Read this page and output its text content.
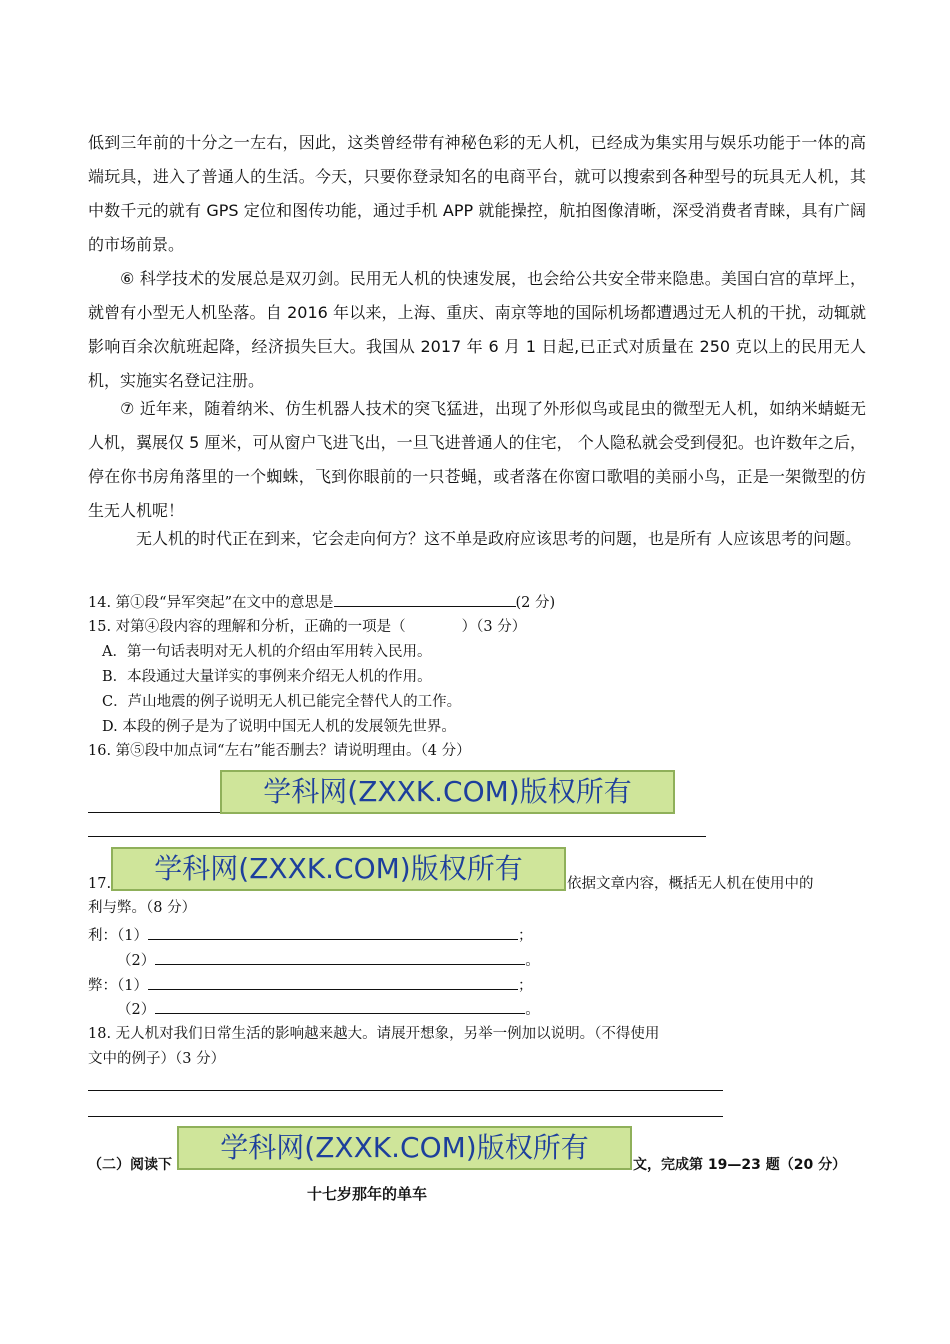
低到三年前的十分之一左右，因此，这类曾经带有神秘色彩的无人机，已经成为集实用与娱乐功能于一体的高端玩具，进入了普通人的生活。今天，只要你登录知名的电商平台，就可以搜索到各种型号的玩具无人机，其中数千元的就有 GPS 定位和图传功能，通过手机 APP 就能操控，航拍图像清晰，深受消费者青睐，具有广阔的市场前景。

⑥ 科学技术的发展总是双刃剑。民用无人机的快速发展，也会给公共安全带来隐患。美国白宫的草坪上，就曾有小型无人机坠落。自 2016 年以来，上海、重庆、南京等地的国际机场都遭遇过无人机的干扰，动辄就影响百余次航班起降，经济损失巨大。我国从 2017 年 6 月 1 日起,已正式对质量在 250 克以上的民用无人机，实施实名登记注册。

⑦ 近年来，随着纳米、仿生机器人技术的突飞猛进，出现了外形似鸟或昆虫的微型无人机，如纳米蜻蜓无人机，翼展仅 5 厘米，可从窗户飞进飞出，一旦飞进普通人的住宅， 个人隐私就会受到侵犯。也许数年之后，停在你书房角落里的一个蜘蛛，飞到你眼前的一只苍蝇，或者落在你窗口歌唱的美丽小鸟，正是一架微型的仿生无人机呢！

无人机的时代正在到来，它会走向何方？这不单是政府应该思考的问题，也是所有 人应该思考的问题。

14. 第①段“异军突起”在文中的意思是	(2 分)
15. 对第④段内容的理解和分析，正确的一项是（	）（3 分）
A．第一句话表明对无人机的介绍由军用转入民用。
B．本段通过大量详实的事例来介绍无人机的作用。
C．芦山地震的例子说明无人机已能完全替代人的工作。
D. 本段的例子是为了说明中国无人机的发展领先世界。
16. 第⑤段中加点词“左右”能否删去？请说明理由。（4 分）
学科网(ZXXK.COM)版权所有
17.	学科网(ZXXK.COM)版权所有	依据文章内容，概括无人机在使用中的
利与弊。（8 分）
利：（1）	；
（2）	。
弊：（1）	；
（2）	。
18. 无人机对我们日常生活的影响越来越大。请展开想象，另举一例加以说明。（不得使用
文中的例子）（3 分）
（二）阅读下
学科网(ZXXK.COM)版权所有
文，完成第 19—23 题（20 分）
十七岁那年的单车
